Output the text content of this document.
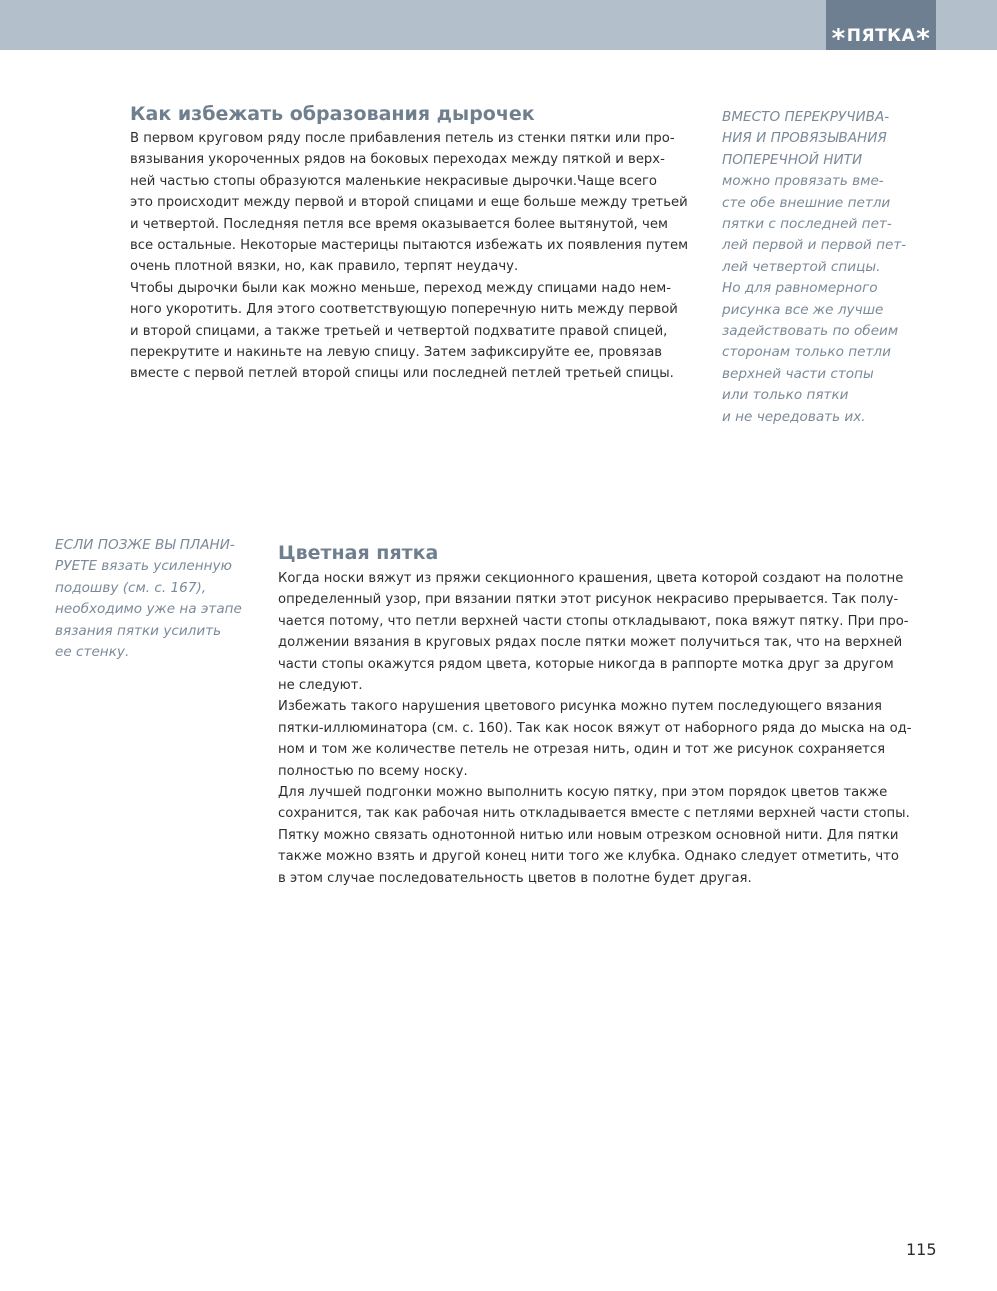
* ПЯТКА *
Как избежать образования дырочек
В первом круговом ряду после прибавления петель из стенки пятки или про-
вязывания укороченных рядов на боковых переходах между пяткой и верх-
ней частью стопы образуются маленькие некрасивые дырочки.Чаще всего
это происходит между первой и второй спицами и еще больше между третьей
и четвертой. Последняя петля все время оказывается более вытянутой, чем
все остальные. Некоторые мастерицы пытаются избежать их появления путем
очень плотной вязки, но, как правило, терпят неудачу.
Чтобы дырочки были как можно меньше, переход между спицами надо нем-
ного укоротить. Для этого соответствующую поперечную нить между первой
и второй спицами, а также третьей и четвертой подхватите правой спицей,
перекрутите и накиньте на левую спицу. Затем зафиксируйте ее, провязав
вместе с первой петлей второй спицы или последней петлей третьей спицы.
ВМЕСТО ПЕРЕКРУЧИВА-
НИЯ И ПРОВЯЗЫВАНИЯ
ПОПЕРЕЧНОЙ НИТИ
можно провязать вме-
сте обе внешние петли
пятки с последней пет-
лей первой и первой пет-
лей четвертой спицы.
Но для равномерного
рисунка все же лучше
задействовать по обеим
сторонам только петли
верхней части стопы
или только пятки
и не чередовать их.
ЕСЛИ ПОЗЖЕ ВЫ ПЛАНИ-
РУЕТЕ вязать усиленную
подошву (см. с. 167),
необходимо уже на этапе
вязания пятки усилить
ее стенку.
Цветная пятка
Когда носки вяжут из пряжи секционного крашения, цвета которой создают на полотне
определенный узор, при вязании пятки этот рисунок некрасиво прерывается. Так полу-
чается потому, что петли верхней части стопы откладывают, пока вяжут пятку. При про-
должении вязания в круговых рядах после пятки может получиться так, что на верхней
части стопы окажутся рядом цвета, которые никогда в раппорте мотка друг за другом
не следуют.
Избежать такого нарушения цветового рисунка можно путем последующего вязания
пятки-иллюминатора (см. с. 160). Так как носок вяжут от наборного ряда до мыска на од-
ном и том же количестве петель не отрезая нить, один и тот же рисунок сохраняется
полностью по всему носку.
Для лучшей подгонки можно выполнить косую пятку, при этом порядок цветов также
сохранится, так как рабочая нить откладывается вместе с петлями верхней части стопы.
Пятку можно связать однотонной нитью или новым отрезком основной нити. Для пятки
также можно взять и другой конец нити того же клубка. Однако следует отметить, что
в этом случае последовательность цветов в полотне будет другая.
115
